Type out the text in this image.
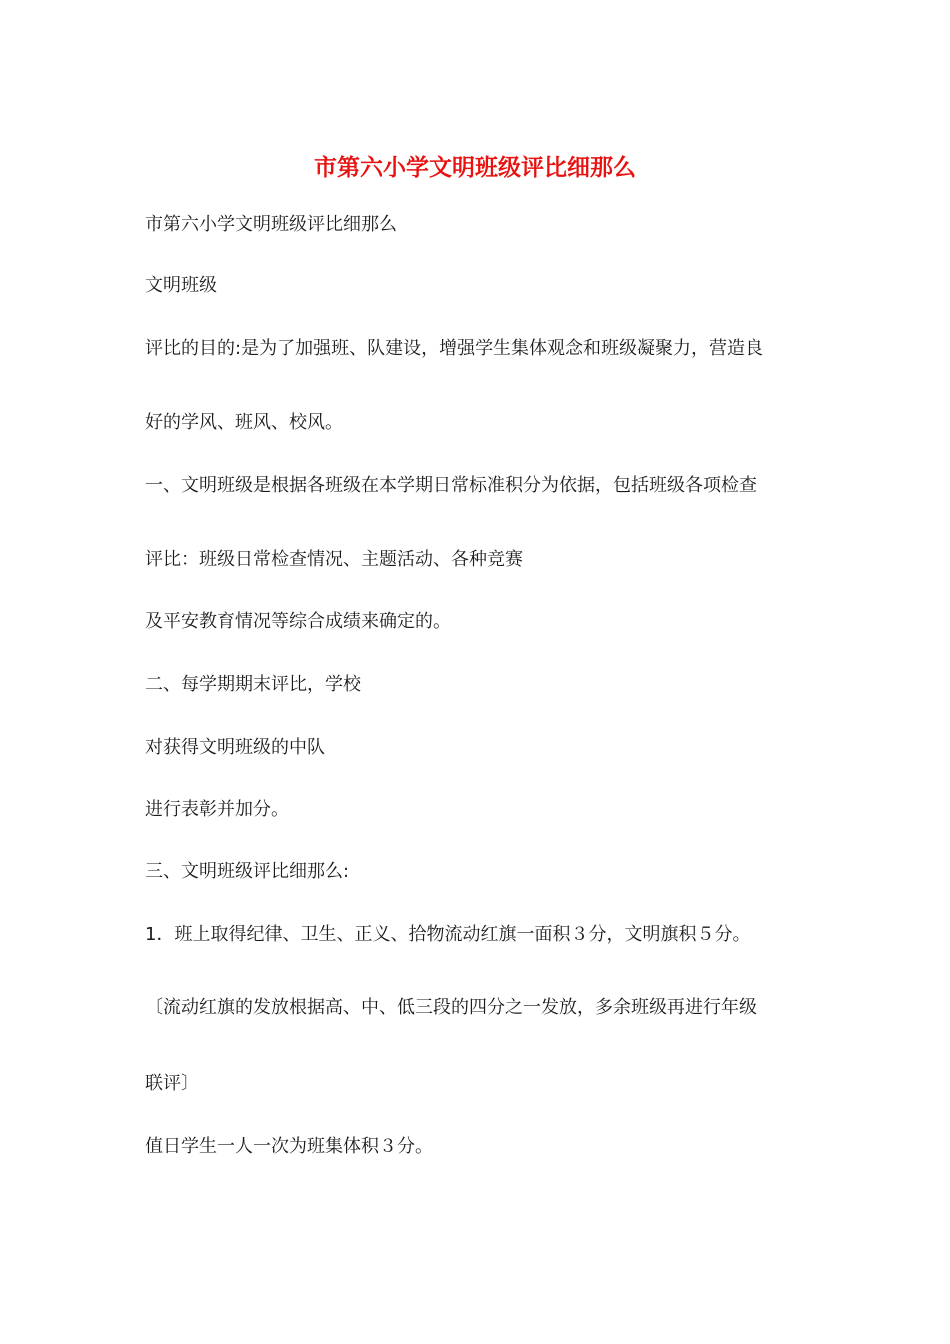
市第六小学文明班级评比细那么
市第六小学文明班级评比细那么
文明班级
评比的目的:是为了加强班、队建设，增强学生集体观念和班级凝聚力，营造良
好的学风、班风、校风。
一、文明班级是根据各班级在本学期日常标准积分为依据，包括班级各项检查
评比：班级日常检查情况、主题活动、各种竞赛
及平安教育情况等综合成绩来确定的。
二、每学期期末评比，学校
对获得文明班级的中队
进行表彰并加分。
三、文明班级评比细那么:
1．班上取得纪律、卫生、正义、拾物流动红旗一面积３分，文明旗积５分。
〔流动红旗的发放根据高、中、低三段的四分之一发放，多余班级再进行年级
联评〕
值日学生一人一次为班集体积３分。
